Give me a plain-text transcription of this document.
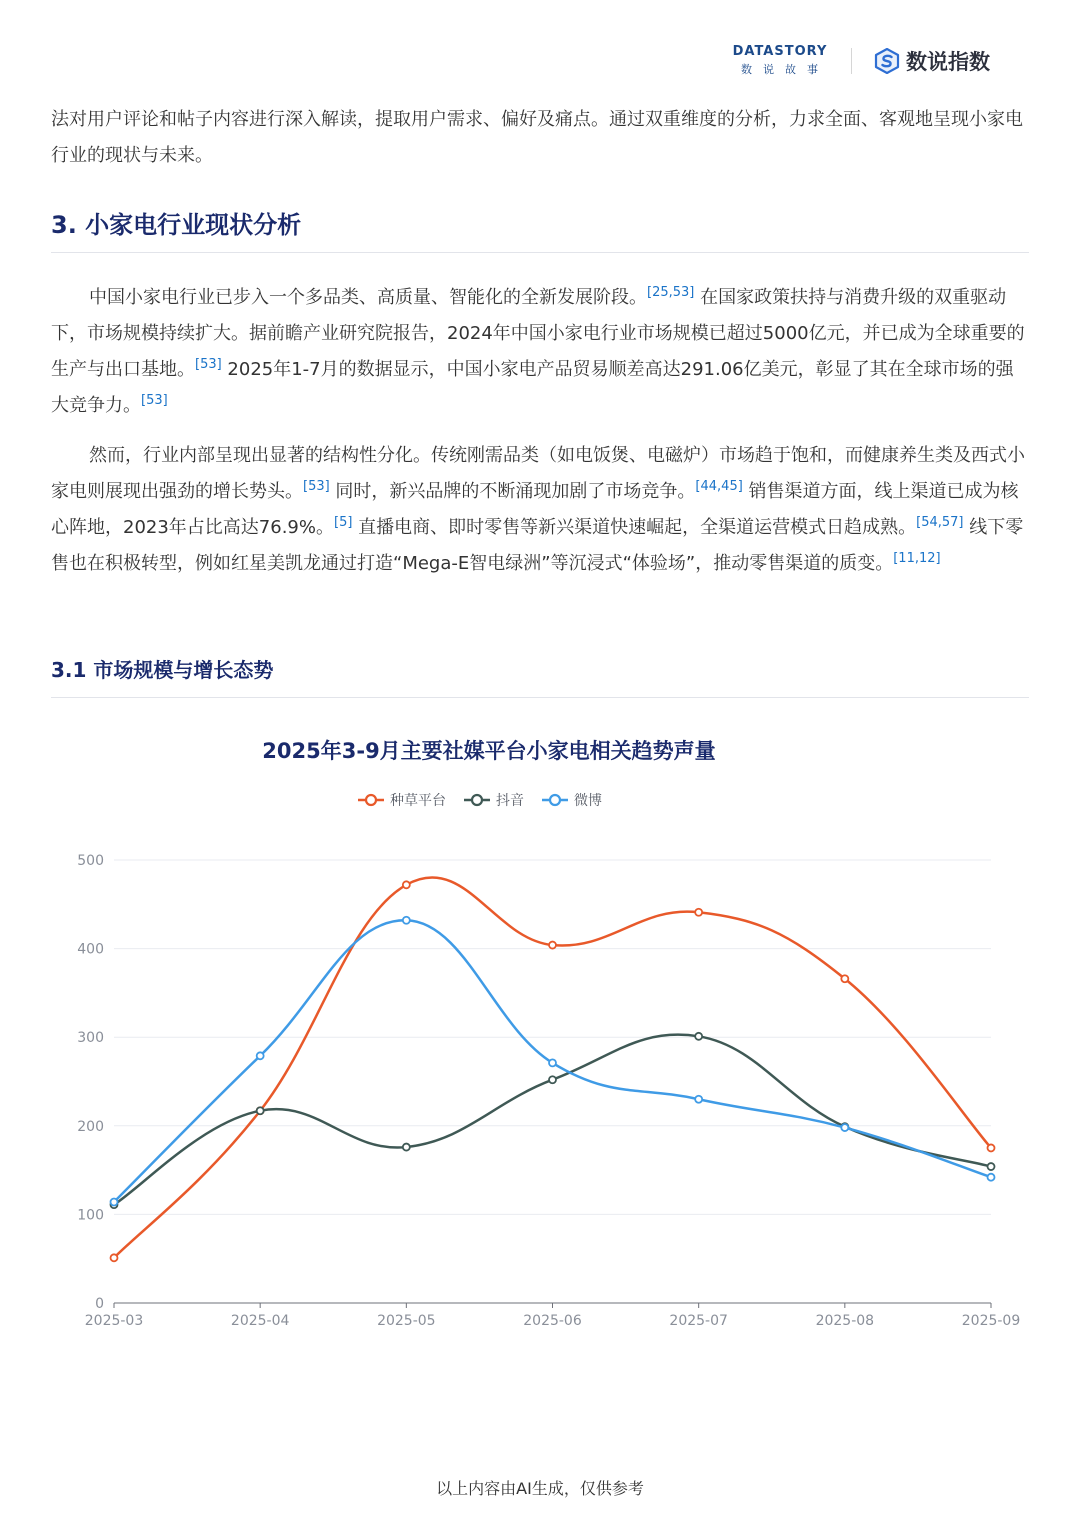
DATASTORY
数说故事	数说指数

法对用户评论和帖子内容进行深入解读，提取用户需求、偏好及痛点。通过双重维度的分析，力求全面、客观地呈现小家电行业的现状与未来。

3. 小家电行业现状分析

中国小家电行业已步入一个多品类、高质量、智能化的全新发展阶段。[25,53] 在国家政策扶持与消费升级的双重驱动下，市场规模持续扩大。据前瞻产业研究院报告，2024年中国小家电行业市场规模已超过5000亿元，并已成为全球重要的生产与出口基地。[53] 2025年1-7月的数据显示，中国小家电产品贸易顺差高达291.06亿美元，彰显了其在全球市场的强大竞争力。[53]

然而，行业内部呈现出显著的结构性分化。传统刚需品类（如电饭煲、电磁炉）市场趋于饱和，而健康养生类及西式小家电则展现出强劲的增长势头。[53] 同时，新兴品牌的不断涌现加剧了市场竞争。[44,45] 销售渠道方面，线上渠道已成为核心阵地，2023年占比高达76.9%。[5] 直播电商、即时零售等新兴渠道快速崛起，全渠道运营模式日趋成熟。[54,57] 线下零售也在积极转型，例如红星美凯龙通过打造“Mega-E智电绿洲”等沉浸式“体验场”，推动零售渠道的质变。[11,12]

3.1 市场规模与增长态势
2025年3-9月主要社媒平台小家电相关趋势声量
0
100
200
300
400
500
2025-03	2025-04	2025-05	2025-06	2025-07	2025-08	2025-09
种草平台	抖音	微博
以上内容由AI生成，仅供参考
